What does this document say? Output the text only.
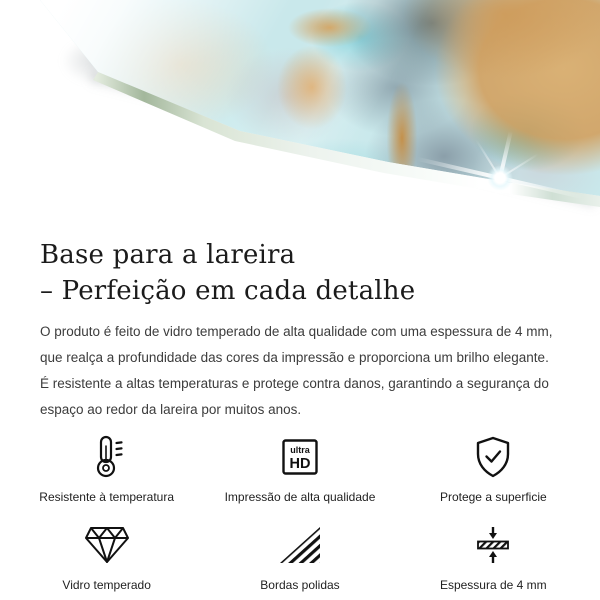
Base para a lareira
– Perfeição em cada detalhe

O produto é feito de vidro temperado de alta qualidade com uma espessura de 4 mm, que realça a profundidade das cores da impressão e proporciona um brilho elegante. É resistente a altas temperaturas e protege contra danos, garantindo a segurança do espaço ao redor da lareira por muitos anos.

Resistente à temperatura
ultra
HD
Impressão de alta qualidade	Protege a superficie
Vidro temperado	Bordas polidas	Espessura de 4 mm
